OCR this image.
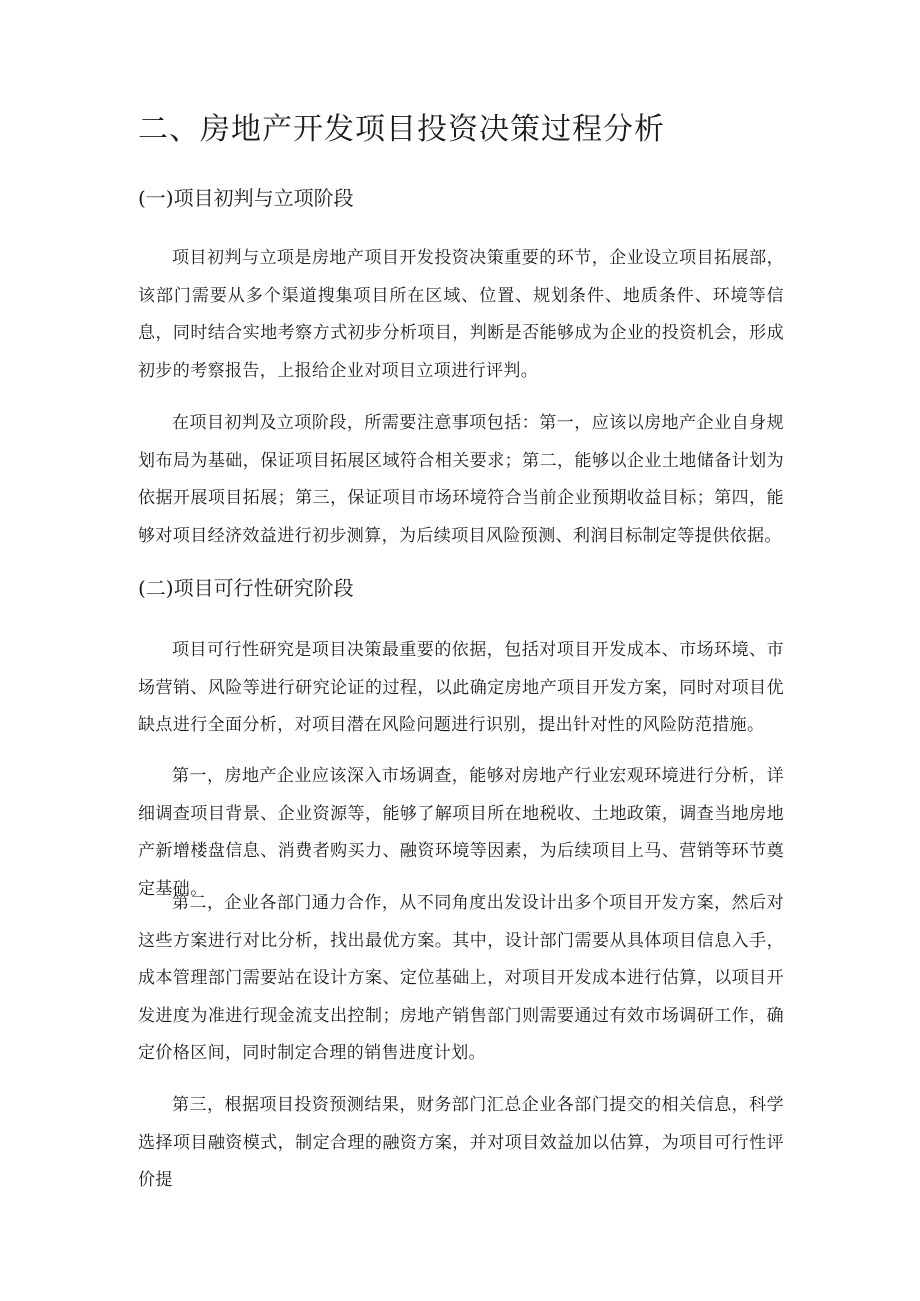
二、房地产开发项目投资决策过程分析
(一)项目初判与立项阶段

项目初判与立项是房地产项目开发投资决策重要的环节，企业设立项目拓展部，该部门需要从多个渠道搜集项目所在区域、位置、规划条件、地质条件、环境等信息，同时结合实地考察方式初步分析项目，判断是否能够成为企业的投资机会，形成初步的考察报告，上报给企业对项目立项进行评判。

在项目初判及立项阶段，所需要注意事项包括：第一，应该以房地产企业自身规划布局为基础，保证项目拓展区域符合相关要求；第二，能够以企业土地储备计划为依据开展项目拓展；第三，保证项目市场环境符合当前企业预期收益目标；第四，能够对项目经济效益进行初步测算，为后续项目风险预测、利润目标制定等提供依据。

(二)项目可行性研究阶段

项目可行性研究是项目决策最重要的依据，包括对项目开发成本、市场环境、市场营销、风险等进行研究论证的过程，以此确定房地产项目开发方案，同时对项目优缺点进行全面分析，对项目潜在风险问题进行识别，提出针对性的风险防范措施。

第一，房地产企业应该深入市场调查，能够对房地产行业宏观环境进行分析，详细调查项目背景、企业资源等，能够了解项目所在地税收、土地政策，调查当地房地产新增楼盘信息、消费者购买力、融资环境等因素，为后续项目上马、营销等环节奠定基础。

第二，企业各部门通力合作，从不同角度出发设计出多个项目开发方案，然后对这些方案进行对比分析，找出最优方案。其中，设计部门需要从具体项目信息入手，成本管理部门需要站在设计方案、定位基础上，对项目开发成本进行估算，以项目开发进度为准进行现金流支出控制；房地产销售部门则需要通过有效市场调研工作，确定价格区间，同时制定合理的销售进度计划。

第三，根据项目投资预测结果，财务部门汇总企业各部门提交的相关信息，科学选择项目融资模式，制定合理的融资方案，并对项目效益加以估算，为项目可行性评价提
